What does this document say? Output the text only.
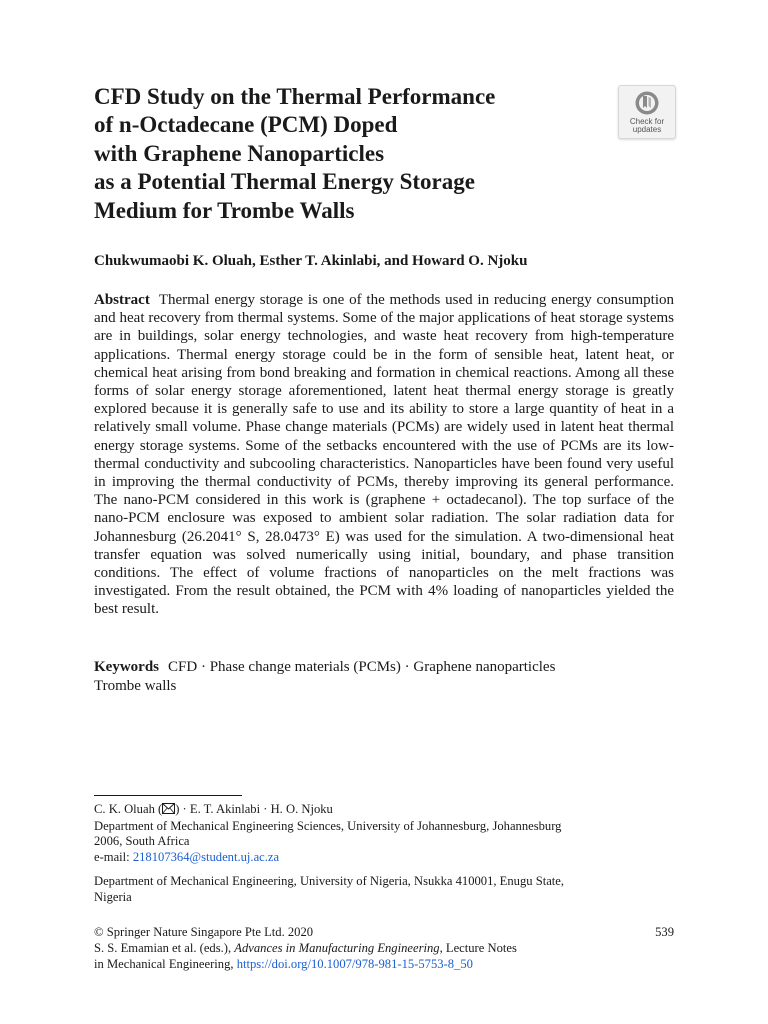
CFD Study on the Thermal Performance
of n-Octadecane (PCM) Doped
with Graphene Nanoparticles
as a Potential Thermal Energy Storage
Medium for Trombe Walls
Check for
updates
Chukwumaobi K. Oluah, Esther T. Akinlabi, and Howard O. Njoku

Abstract Thermal energy storage is one of the methods used in reducing energy consumption and heat recovery from thermal systems. Some of the major applications of heat storage systems are in buildings, solar energy technologies, and waste heat recovery from high-temperature applications. Thermal energy storage could be in the form of sensible heat, latent heat, or chemical heat arising from bond breaking and formation in chemical reactions. Among all these forms of solar energy storage aforementioned, latent heat thermal energy storage is greatly explored because it is generally safe to use and its ability to store a large quantity of heat in a relatively small volume. Phase change materials (PCMs) are widely used in latent heat thermal energy storage systems. Some of the setbacks encountered with the use of PCMs are its low-thermal conductivity and subcooling characteristics. Nanoparticles have been found very useful in improving the thermal conductivity of PCMs, thereby improving its general performance. The nano-PCM considered in this work is (graphene + octadecanol). The top surface of the nano-PCM enclosure was exposed to ambient solar radiation. The solar radiation data for Johannesburg (26.2041° S, 28.0473° E) was used for the simulation. A two-dimensional heat transfer equation was solved numerically using initial, boundary, and phase transition conditions. The effect of volume fractions of nanoparticles on the melt fractions was investigated. From the result obtained, the PCM with 4% loading of nanoparticles yielded the best result.

Keywords CFD · Phase change materials (PCMs) · Graphene nanoparticles
Trombe walls
C. K. Oluah ( ) · E. T. Akinlabi · H. O. Njoku
Department of Mechanical Engineering Sciences, University of Johannesburg, Johannesburg
2006, South Africa
e-mail: 218107364@student.uj.ac.za
Department of Mechanical Engineering, University of Nigeria, Nsukka 410001, Enugu State,
Nigeria
© Springer Nature Singapore Pte Ltd. 2020
S. S. Emamian et al. (eds.), Advances in Manufacturing Engineering, Lecture Notes
in Mechanical Engineering, https://doi.org/10.1007/978-981-15-5753-8_50
539
